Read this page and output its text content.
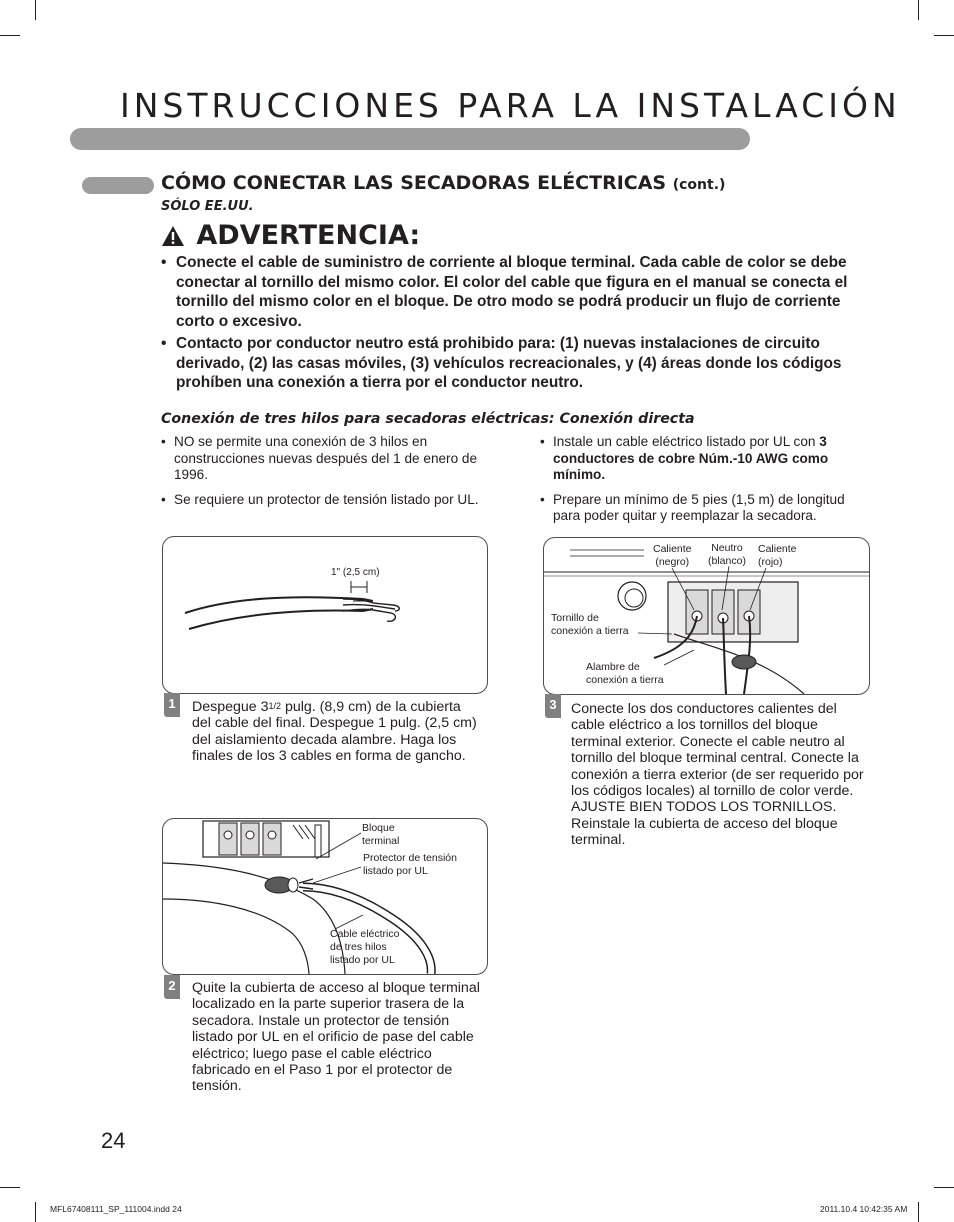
INSTRUCCIONES PARA LA INSTALACIÓN
CÓMO CONECTAR LAS SECADORAS ELÉCTRICAS (cont.)
SÓLO EE.UU.
ADVERTENCIA:
• Conecte el cable de suministro de corriente al bloque terminal. Cada cable de color se debe conectar al tornillo del mismo color. El color del cable que figura en el manual se conecta el tornillo del mismo color en el bloque. De otro modo se podrá producir un flujo de corriente corto o excesivo.
• Contacto por conductor neutro está prohibido para: (1) nuevas instalaciones de circuito derivado, (2) las casas móviles, (3) vehículos recreacionales, y (4) áreas donde los códigos prohíben una conexión a tierra por el conductor neutro.
Conexión de tres hilos para secadoras eléctricas: Conexión directa
• NO se permite una conexión de 3 hilos en construcciones nuevas después del 1 de enero de 1996.
• Se requiere un protector de tensión listado por UL.
• Instale un cable eléctrico listado por UL con 3 conductores de cobre Núm.-10 AWG como mínimo.
• Prepare un mínimo de 5 pies (1,5 m) de longitud para poder quitar y reemplazar la secadora.
1" (2,5 cm)
1	Despegue 31/2 pulg. (8,9 cm) de la cubierta del cable del final. Despegue 1 pulg. (2,5 cm) del aislamiento decada alambre. Haga los finales de los 3 cables en forma de gancho.
Bloque
terminal
Protector de tensión
listado por UL
Cable eléctrico
de tres hilos
listado por UL
2	Quite la cubierta de acceso al bloque terminal localizado en la parte superior trasera de la secadora. Instale un protector de tensión listado por UL en el orificio de pase del cable eléctrico; luego pase el cable eléctrico fabricado en el Paso 1 por el protector de tensión.
Caliente
(negro)
Neutro
(blanco)
Caliente
(rojo)
Tornillo de
conexión a tierra
Alambre de
conexión a tierra
3	Conecte los dos conductores calientes del cable eléctrico a los tornillos del bloque terminal exterior. Conecte el cable neutro al tornillo del bloque terminal central. Conecte la conexión a tierra exterior (de ser requerido por los códigos locales) al tornillo de color verde. AJUSTE BIEN TODOS LOS TORNILLOS. Reinstale la cubierta de acceso del bloque terminal.
24
MFL67408111_SP_111004.indd 24	2011.10.4 10:42:35 AM
